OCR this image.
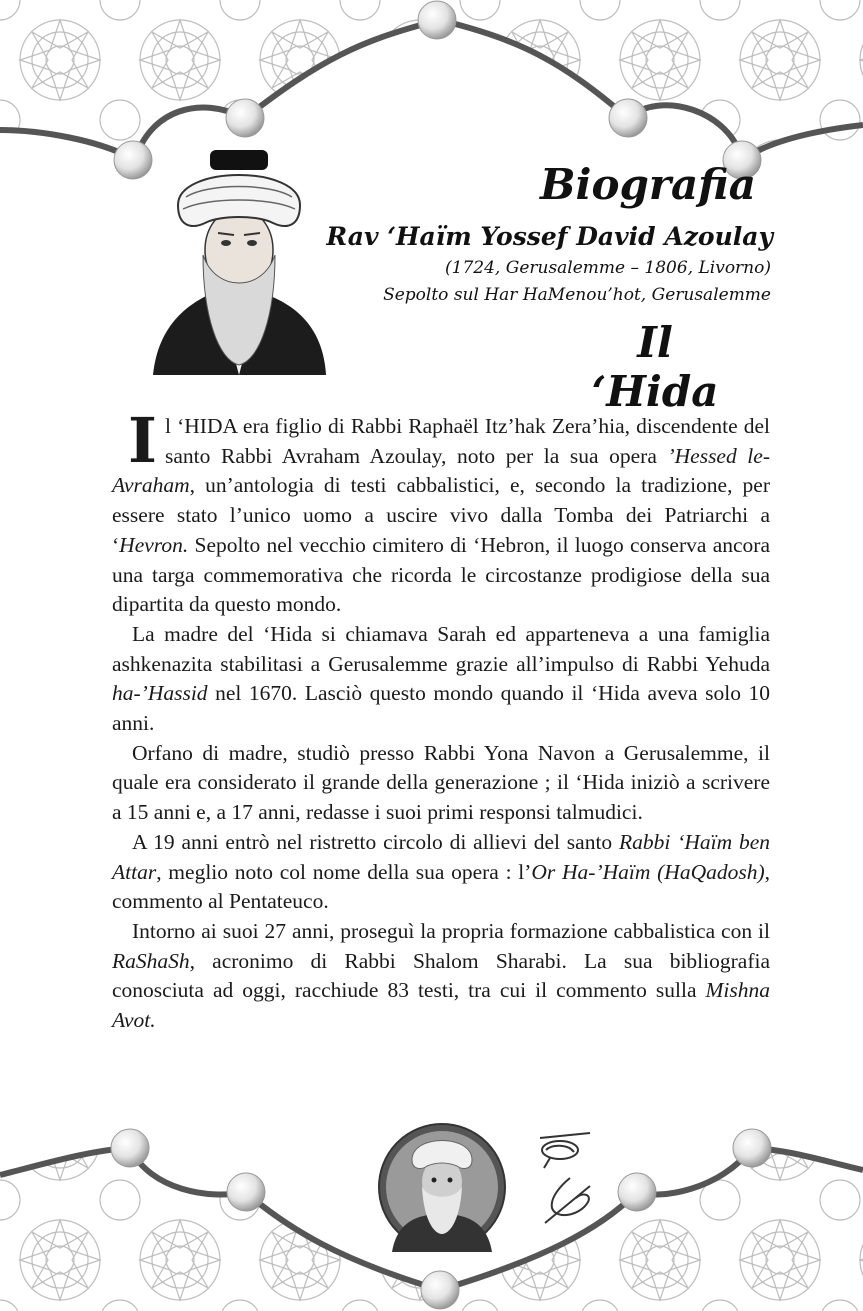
Biografia
Rav ‘Haïm Yossef David Azoulay
(1724, Gerusalemme – 1806, Livorno)
Sepolto sul Har HaMenou’hot, Gerusalemme
Il ‘Hida

Il ‘HIDA era figlio di Rabbi Raphaël Itz’hak Zera’hia, discendente del santo Rabbi Avraham Azoulay, noto per la sua opera ’Hessed le-Avraham, un’antologia di testi cabbalistici, e, secondo la tradizione, per essere stato l’unico uomo a uscire vivo dalla Tomba dei Patriarchi a ‘Hevron. Sepolto nel vecchio cimitero di ‘Hebron, il luogo conserva ancora una targa commemorativa che ricorda le circostanze prodigiose della sua dipartita da questo mondo.

La madre del ‘Hida si chiamava Sarah ed apparteneva a una famiglia ashkenazita stabilitasi a Gerusalemme grazie all’impulso di Rabbi Yehuda ha-’Hassid nel 1670. Lasciò questo mondo quando il ‘Hida aveva solo 10 anni.

Orfano di madre, studiò presso Rabbi Yona Navon a Gerusalemme, il quale era considerato il grande della generazione ; il ‘Hida iniziò a scrivere a 15 anni e, a 17 anni, redasse i suoi primi responsi talmudici.

A 19 anni entrò nel ristretto circolo di allievi del santo Rabbi ‘Haïm ben Attar, meglio noto col nome della sua opera : l’Or Ha-’Haïm (HaQadosh), commento al Pentateuco.

Intorno ai suoi 27 anni, proseguì la propria formazione cabbalistica con il RaShaSh, acronimo di Rabbi Shalom Sharabi. La sua bibliografia conosciuta ad oggi, racchiude 83 testi, tra cui il commento sulla Mishna Avot.
